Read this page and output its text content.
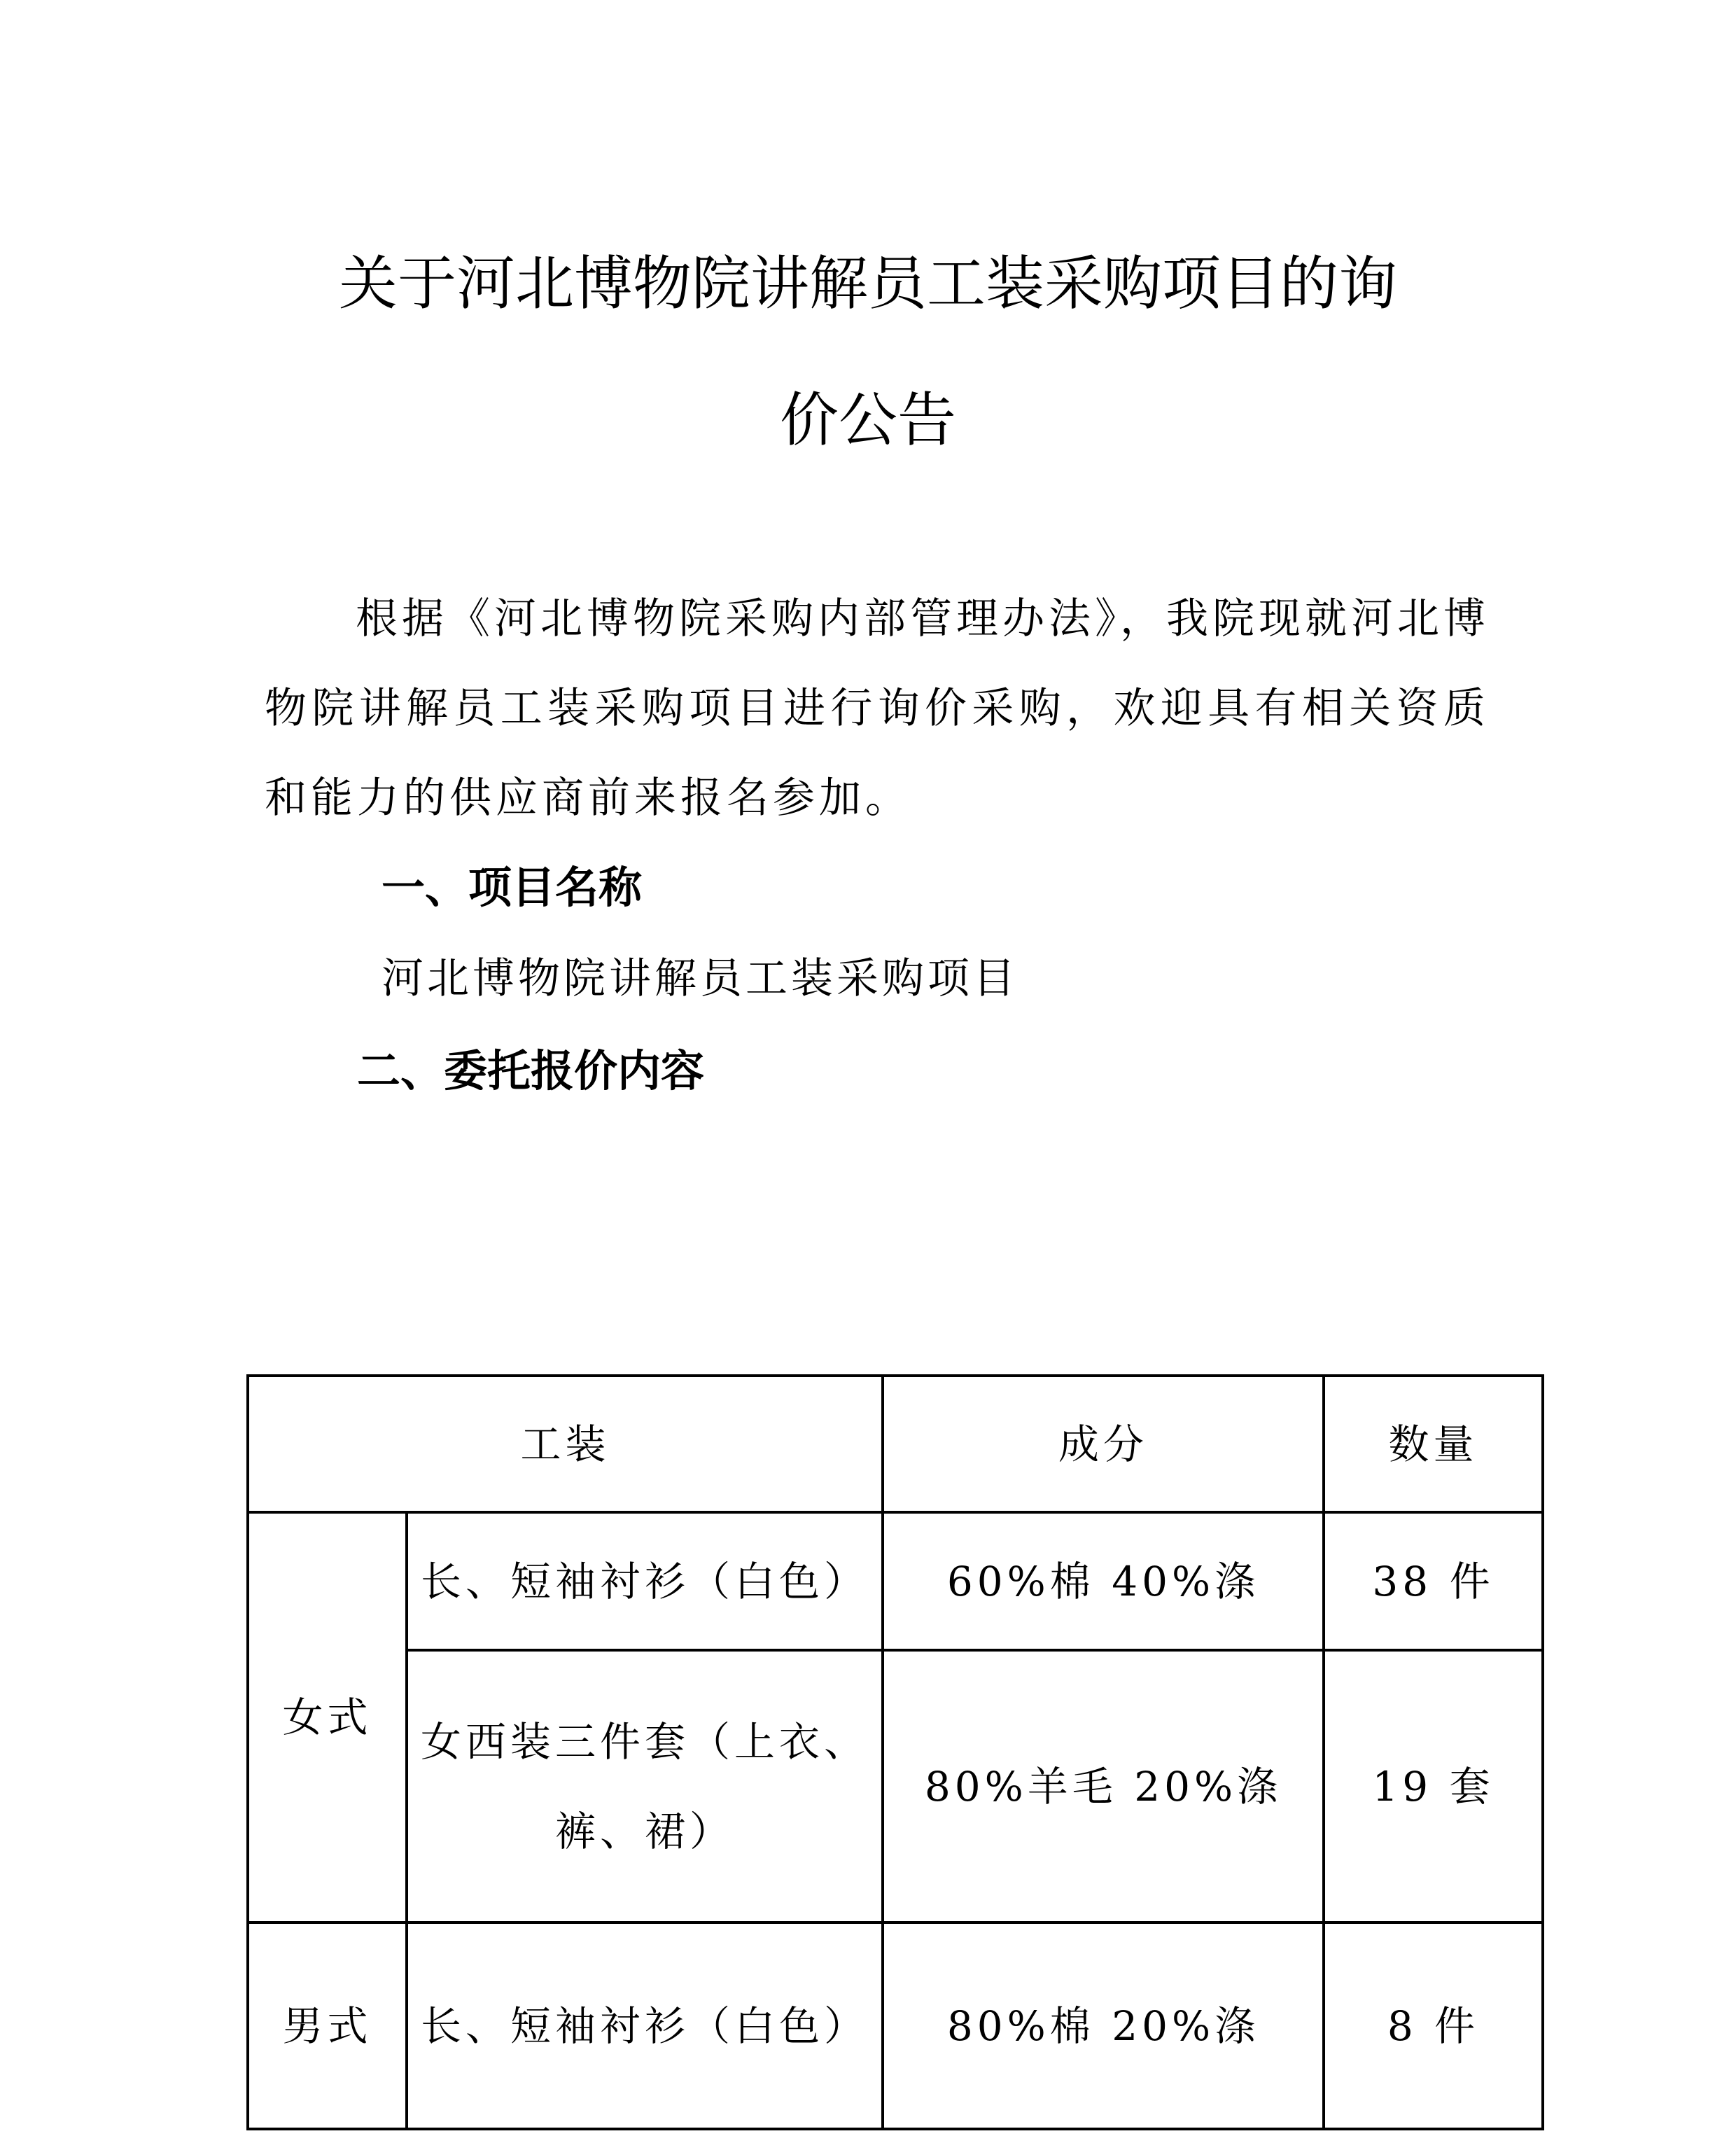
关于河北博物院讲解员工装采购项目的询
价公告
根据《河北博物院采购内部管理办法》，我院现就河北博物院讲解员工装采购项目进行询价采购，欢迎具有相关资质和能力的供应商前来报名参加。
一、项目名称
河北博物院讲解员工装采购项目
二、委托报价内容
工装		成分	数量
女式	长、短袖衬衫（白色）	60%棉 40%涤	38 件
	女西装三件套（上衣、裤、裙）	80%羊毛 20%涤	19 套
男式	长、短袖衬衫（白色）	80%棉 20%涤	8 件
